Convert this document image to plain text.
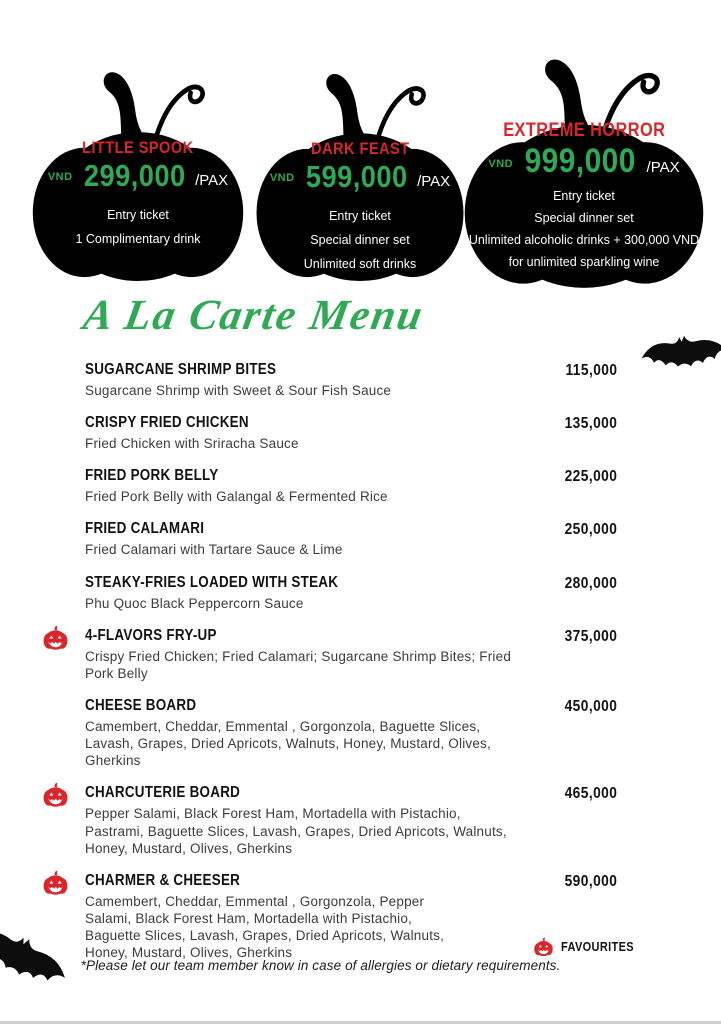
LITTLE SPOOK
VND 299,000 /PAX
Entry ticket
1 Complimentary drink
DARK FEAST
VND 599,000 /PAX
Entry ticket
Special dinner set
Unlimited soft drinks
EXTREME HORROR
VND 999,000 /PAX
Entry ticket
Special dinner set
Unlimited alcoholic drinks + 300,000 VND
for unlimited sparkling wine
A La Carte Menu
SUGARCANE SHRIMP BITES
Sugarcane Shrimp with Sweet & Sour Fish Sauce
115,000
CRISPY FRIED CHICKEN
Fried Chicken with Sriracha Sauce
135,000
FRIED PORK BELLY
Fried Pork Belly with Galangal & Fermented Rice
225,000
FRIED CALAMARI
Fried Calamari with Tartare Sauce & Lime
250,000
STEAKY-FRIES LOADED WITH STEAK
Phu Quoc Black Peppercorn Sauce
280,000
4-FLAVORS FRY-UP
Crispy Fried Chicken; Fried Calamari; Sugarcane Shrimp Bites; Fried Pork Belly
375,000
CHEESE BOARD
Camembert, Cheddar, Emmental , Gorgonzola, Baguette Slices, Lavash, Grapes, Dried Apricots, Walnuts, Honey, Mustard, Olives, Gherkins
450,000
CHARCUTERIE BOARD
Pepper Salami, Black Forest Ham, Mortadella with Pistachio, Pastrami, Baguette Slices, Lavash, Grapes, Dried Apricots, Walnuts, Honey, Mustard, Olives, Gherkins
465,000
CHARMER & CHEESER
Camembert, Cheddar, Emmental , Gorgonzola, Pepper Salami, Black Forest Ham, Mortadella with Pistachio, Baguette Slices, Lavash, Grapes, Dried Apricots, Walnuts, Honey, Mustard, Olives, Gherkins
590,000
FAVOURITES
*Please let our team member know in case of allergies or dietary requirements.
